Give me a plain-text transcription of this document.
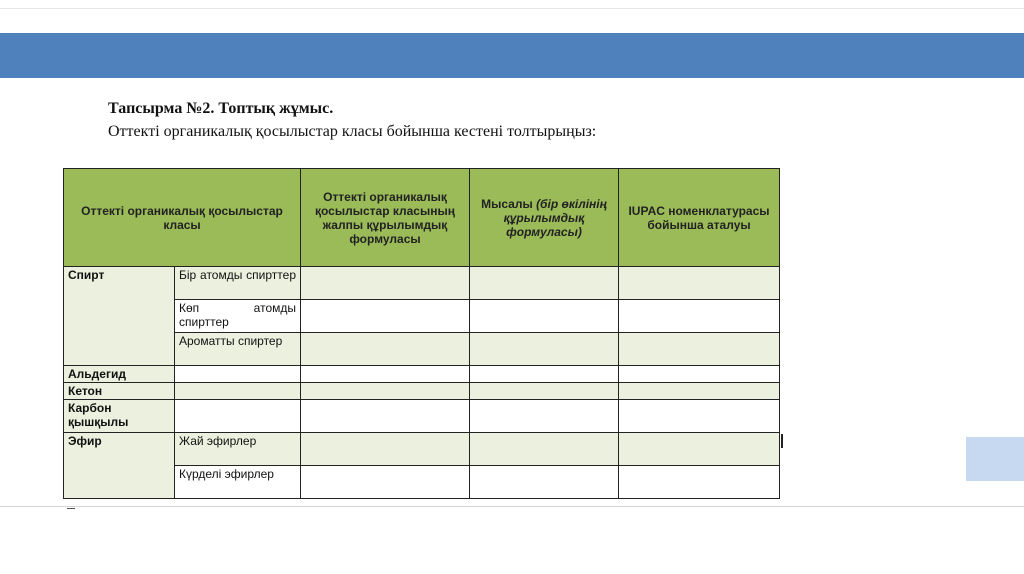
Тапсырма №2. Топтық жұмыс.
Оттекті органикалық қосылыстар класы бойынша кестені толтырыңыз:
Оттекті органикалық қосылыстар класы		Оттекті органикалық қосылыстар класының жалпы құрылымдық формуласы	Мысалы (бір өкілінің құрылымдық формуласы)	IUPAC номенклатурасы бойынша аталуы
Спирт	Бір атомды спирттер			
	Көп атомды спирттер			
	Ароматты спиртер			
Альдегид				
Кетон				
Карбон қышқылы				
Эфир	Жай эфирлер			
	Күрделі эфирлер			
